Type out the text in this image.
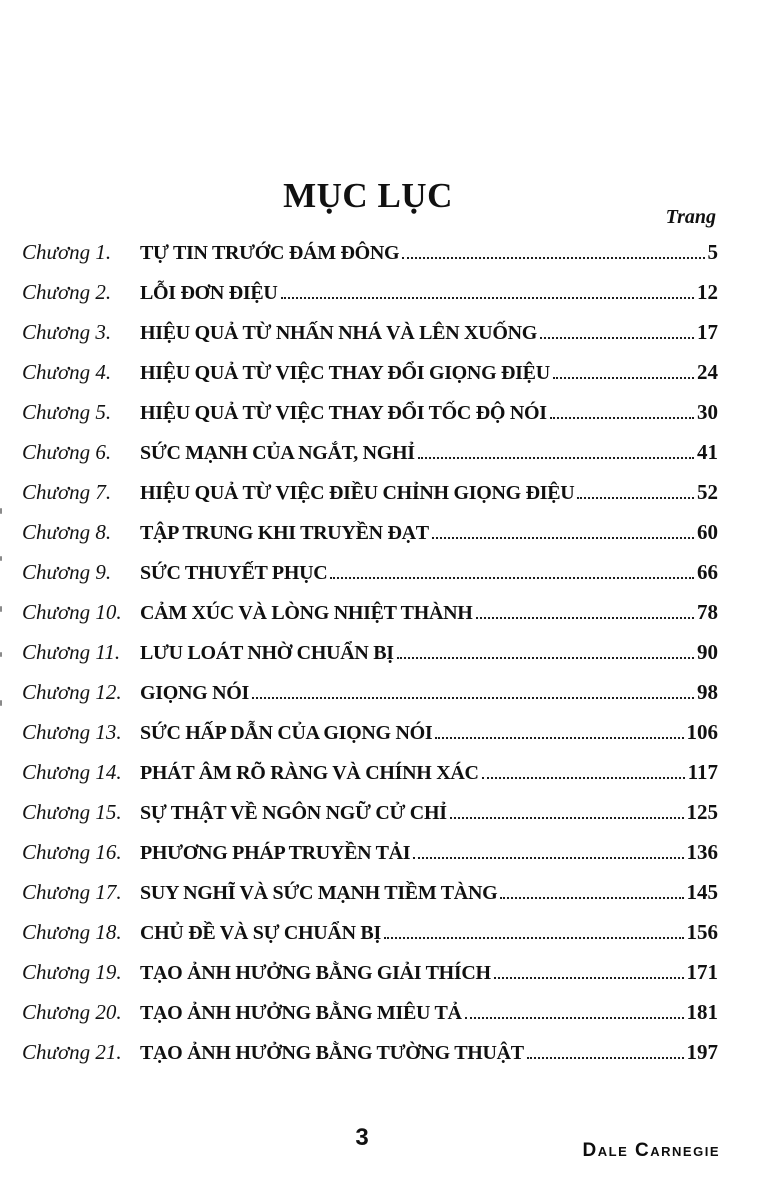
MỤC LỤC
Trang
Chương 1.	TỰ TIN TRƯỚC ĐÁM ĐÔNG	5
Chương 2.	LỖI ĐƠN ĐIỆU	12
Chương 3.	HIỆU QUẢ TỪ NHẤN NHÁ VÀ LÊN XUỐNG	17
Chương 4.	HIỆU QUẢ TỪ VIỆC THAY ĐỔI GIỌNG ĐIỆU	24
Chương 5.	HIỆU QUẢ TỪ VIỆC THAY ĐỔI TỐC ĐỘ NÓI	30
Chương 6.	SỨC MẠNH CỦA NGẮT, NGHỈ	41
Chương 7.	HIỆU QUẢ TỪ VIỆC ĐIỀU CHỈNH GIỌNG ĐIỆU	52
Chương 8.	TẬP TRUNG KHI TRUYỀN ĐẠT	60
Chương 9.	SỨC THUYẾT PHỤC	66
Chương 10. CẢM XÚC VÀ LÒNG NHIỆT THÀNH	78
Chương 11. LƯU LOÁT NHỜ CHUẨN BỊ	90
Chương 12. GIỌNG NÓI	98
Chương 13. SỨC HẤP DẪN CỦA GIỌNG NÓI	106
Chương 14. PHÁT ÂM RÕ RÀNG VÀ CHÍNH XÁC	117
Chương 15. SỰ THẬT VỀ NGÔN NGỮ CỬ CHỈ	125
Chương 16. PHƯƠNG PHÁP TRUYỀN TẢI	136
Chương 17. SUY NGHĨ VÀ SỨC MẠNH TIỀM TÀNG	145
Chương 18. CHỦ ĐỀ VÀ SỰ CHUẨN BỊ	156
Chương 19. TẠO ẢNH HƯỞNG BẰNG GIẢI THÍCH	171
Chương 20. TẠO ẢNH HƯỞNG BẰNG MIÊU TẢ	181
Chương 21. TẠO ẢNH HƯỞNG BẰNG TƯỜNG THUẬT	197
3	Dale Carnegie
